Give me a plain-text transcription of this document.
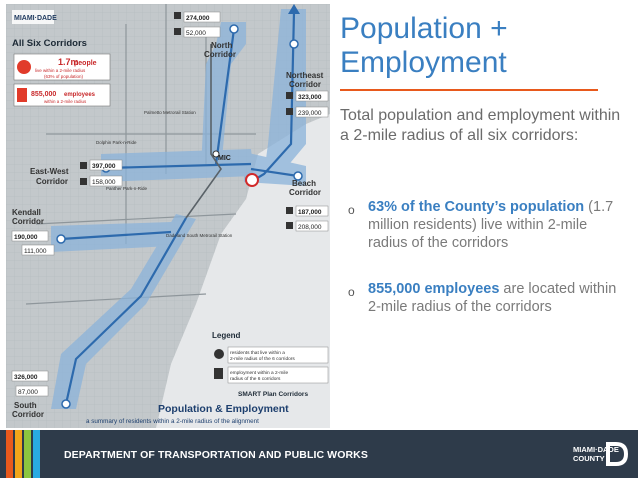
MIAMI·DADE
All Six Corridors
1.7m
people
live within a 2-mile radius
(63% of population)
855,000 employees
within a 2-mile radius
North
Corridor
274,000
52,000
Northeast
Corridor
323,000
239,000
East-West
Corridor
397,000
158,000	Beach
Corridor
187,000
208,000
Kendall
Corridor
190,000
111,000
326,000
87,000
South
Corridor
MIC
Palmetto Metrorail Station
Dolphin Park-n-Ride
Panther Park-n-Ride
Dadeland South Metrorail Station
Legend
residents that live within a
2-mile radius of the 6 corridors
employment within a 2-mile
radius of the 6 corridors
SMART Plan Corridors
Population & Employment
a summary of residents within a 2-mile radius of the alignment
Population + Employment
Total population and employment within a 2-mile radius of all six corridors:
o 63% of the County’s population (1.7 million residents) live within 2-mile radius of the corridors
o 855,000 employees are located within 2-mile radius of the corridors
DEPARTMENT OF TRANSPORTATION AND PUBLIC WORKS	MIAMI·DADE
COUNTY
